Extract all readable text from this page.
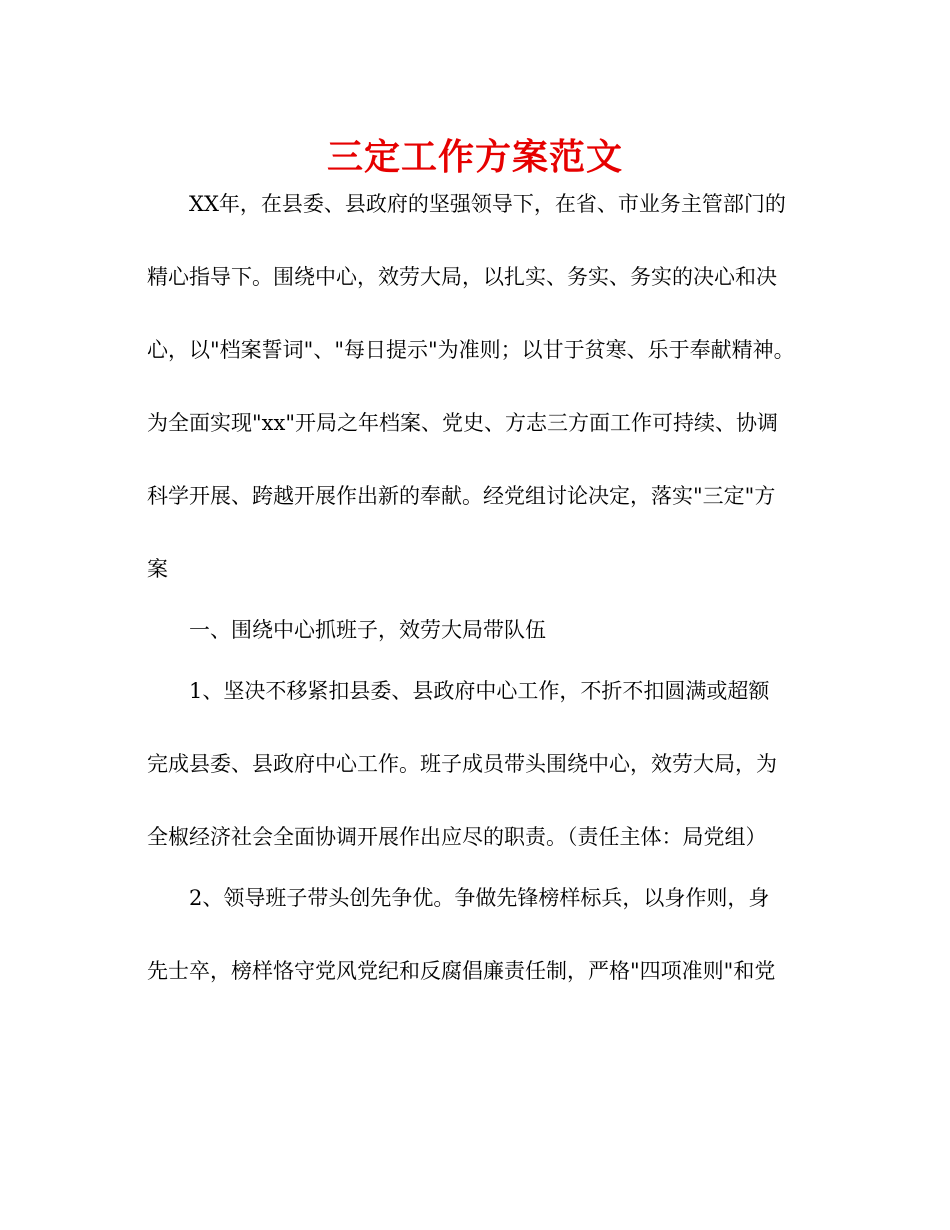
三定工作方案范文
XX年，在县委、县政府的坚强领导下，在省、市业务主管部门的
精心指导下。围绕中心，效劳大局，以扎实、务实、务实的决心和决
心，以"档案誓词"、"每日提示"为准则；以甘于贫寒、乐于奉献精神。
为全面实现"xx"开局之年档案、党史、方志三方面工作可持续、协调
科学开展、跨越开展作出新的奉献。经党组讨论决定，落实"三定"方
案
一、围绕中心抓班子，效劳大局带队伍
1、坚决不移紧扣县委、县政府中心工作，不折不扣圆满或超额
完成县委、县政府中心工作。班子成员带头围绕中心，效劳大局，为
全椒经济社会全面协调开展作出应尽的职责。（责任主体：局党组）
2、领导班子带头创先争优。争做先锋榜样标兵，以身作则，身
先士卒，榜样恪守党风党纪和反腐倡廉责任制，严格"四项准则"和党
